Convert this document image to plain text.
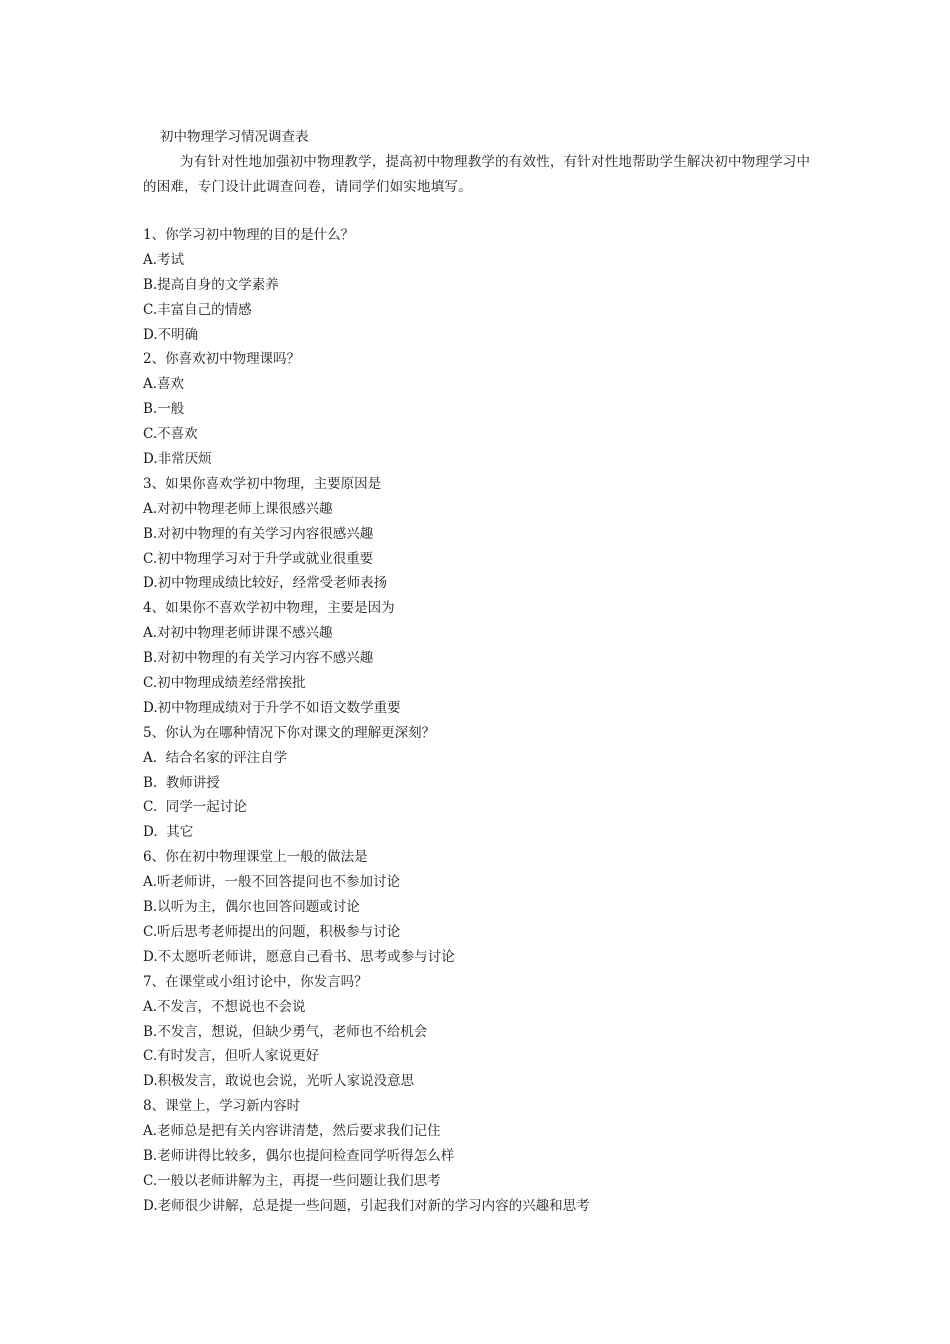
初中物理学习情况调查表
为有针对性地加强初中物理教学，提高初中物理教学的有效性，有针对性地帮助学生解决初中物理学习中的困难，专门设计此调查问卷，请同学们如实地填写。
1、你学习初中物理的目的是什么？
A.考试
B.提高自身的文学素养
C.丰富自己的情感
D.不明确
2、你喜欢初中物理课吗？
A.喜欢
B.一般
C.不喜欢
D.非常厌烦
3、如果你喜欢学初中物理，主要原因是
A.对初中物理老师上课很感兴趣
B.对初中物理的有关学习内容很感兴趣
C.初中物理学习对于升学或就业很重要
D.初中物理成绩比较好，经常受老师表扬
4、如果你不喜欢学初中物理，主要是因为
A.对初中物理老师讲课不感兴趣
B.对初中物理的有关学习内容不感兴趣
C.初中物理成绩差经常挨批
D.初中物理成绩对于升学不如语文数学重要
5、你认为在哪种情况下你对课文的理解更深刻？
A.  结合名家的评注自学
B.  教师讲授
C.  同学一起讨论
D.  其它
6、你在初中物理课堂上一般的做法是
A.听老师讲，一般不回答提问也不参加讨论
B.以听为主，偶尔也回答问题或讨论
C.听后思考老师提出的问题，积极参与讨论
D.不太愿听老师讲，愿意自己看书、思考或参与讨论
7、在课堂或小组讨论中，你发言吗？
A.不发言，不想说也不会说
B.不发言，想说，但缺少勇气，老师也不给机会
C.有时发言，但听人家说更好
D.积极发言，敢说也会说，光听人家说没意思
8、课堂上，学习新内容时
A.老师总是把有关内容讲清楚，然后要求我们记住
B.老师讲得比较多，偶尔也提问检查同学听得怎么样
C.一般以老师讲解为主，再提一些问题让我们思考
D.老师很少讲解，总是提一些问题，引起我们对新的学习内容的兴趣和思考
